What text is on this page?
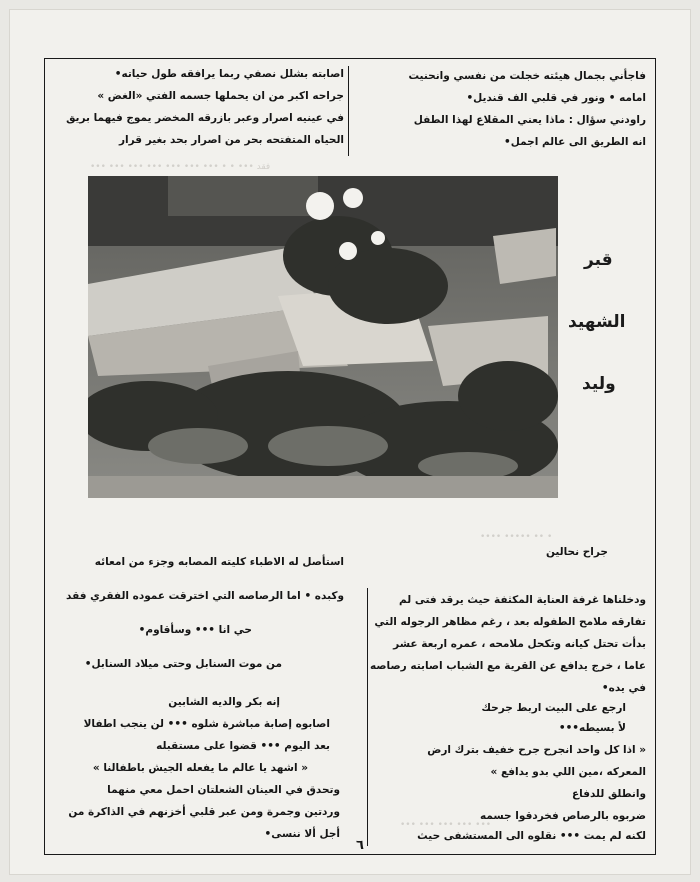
فقد ••• • • ••• ••• ••• ••• ••• ••• •••
• •• ••••• ••••
••• ••• ••• ••• •••
فاجأني بجمال هيئته خجلت من نفسي وانحنيت
امامه • ونور في قلبي الف قنديل•
راودني سؤال : ماذا يعني المقلاع لهذا الطفل
انه الطريق الى عالم اجمل•
اصابته بشلل نصفي ربما يرافقه طول حياته•
جراحه اكبر من ان يحملها جسمه الفتي «الغض »
في عينيه اصرار وعبر بازرقه المخضر يموج فيهما بريق
الحياه المتفتحه بحر من اصرار بحد بغير قرار
قبر
الشهيد
وليد
جراح نحالين
ودخلناها غرفة العناية المكثفة حيث يرقد فتى لم
تفارقه ملامح الطفوله بعد ، رغم مظاهر الرجوله التي
بدأت تحتل كيانه وتكحل ملامحه ، عمره اربعة عشر
عاما ، خرج يدافع عن القرية مع الشباب اصابته رصاصه
في يده•
ارجع على البيت اربط جرحك
لأ بسيطه•••
« اذا كل واحد انجرح جرح خفيف بترك ارض
المعركه ،مين اللي بدو يدافع »
وانطلق للدفاع
ضربوه بالرصاص فخردقوا جسمه
لكنه لم يمت ••• نقلوه الى المستشفى حيث
استأصل له الاطباء كليته المصابه وجزء من امعائه
وكبده • اما الرصاصه التي اخترقت عموده الفقري فقد
حي انا ••• وسأقاوم•
من موت السنابل وحتى ميلاد السنابل•
إنه بكر والديه الشابين
اصابوه إصابة مباشرة شلوه ••• لن ينجب اطفالا
بعد اليوم ••• قضوا على مستقبله
« اشهد يا عالم ما يفعله الجيش باطفالنا »
وتحدق في العينان الشعلتان احمل معي منهما
وردتين وجمرة ومن عبر قلبي أخزنهم في الذاكرة من
أجل ألا ننسى•
٦
